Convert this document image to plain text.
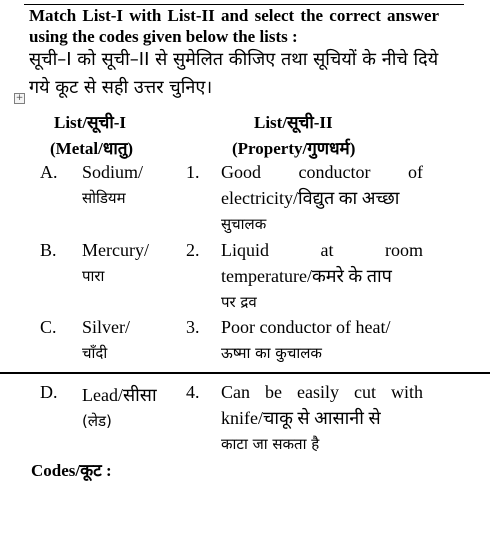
Match List-I with List-II and select the correct answer using the codes given below the lists :
सूची–I को सूची–II से सुमेलित कीजिए तथा सूचियों के नीचे दिये गये कूट से सही उत्तर चुनिए।
+
List/सूची-I
(Metal/धातु)
List/सूची-II
(Property/गुणधर्म)
A. Sodium/
सोडियम
1. Good conductor of
electricity/विद्युत का अच्छा
सुचालक
B. Mercury/
पारा
2. Liquid at room
temperature/कमरे के ताप
पर द्रव
C. Silver/
चाँदी
3. Poor conductor of heat/
ऊष्मा का कुचालक
D. Lead/सीसा
(लेड)
4. Can be easily cut with
knife/चाकू से आसानी से
काटा जा सकता है
Codes/कूट :
